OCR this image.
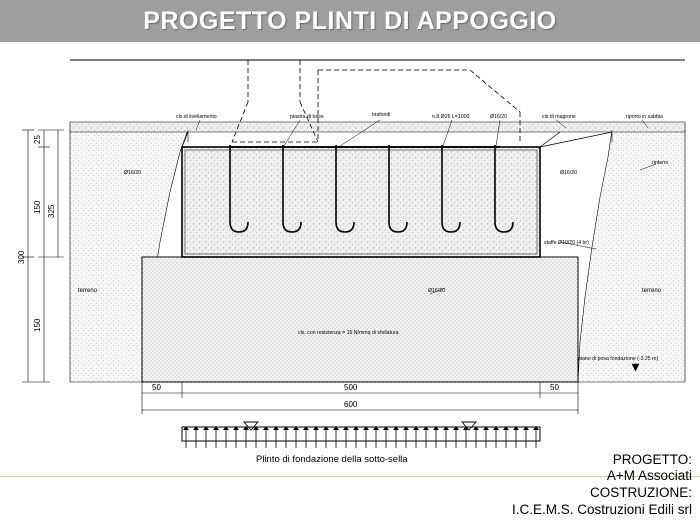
PROGETTO PLINTI DI APPOGGIO
cls di livellamento	piastra di base	tirafondi	n.8 Ø26 L=1000	Ø16/20	cls di magrone	riporto in sabbia
rinterro
Ø16/20	Ø16/20
staffe Ø10/20 (4 br)
Ø16/20
terreno	terreno
cls. con resistenza = 15 N/mmq di sfollatura
piano di posa fondazione (-3.25 m)
25
150
150
325
300
50	500	50
600
Plinto di fondazione della sotto-sella	PROGETTO:
A+M Associati
COSTRUZIONE:
I.C.E.M.S. Costruzioni Edili srl
